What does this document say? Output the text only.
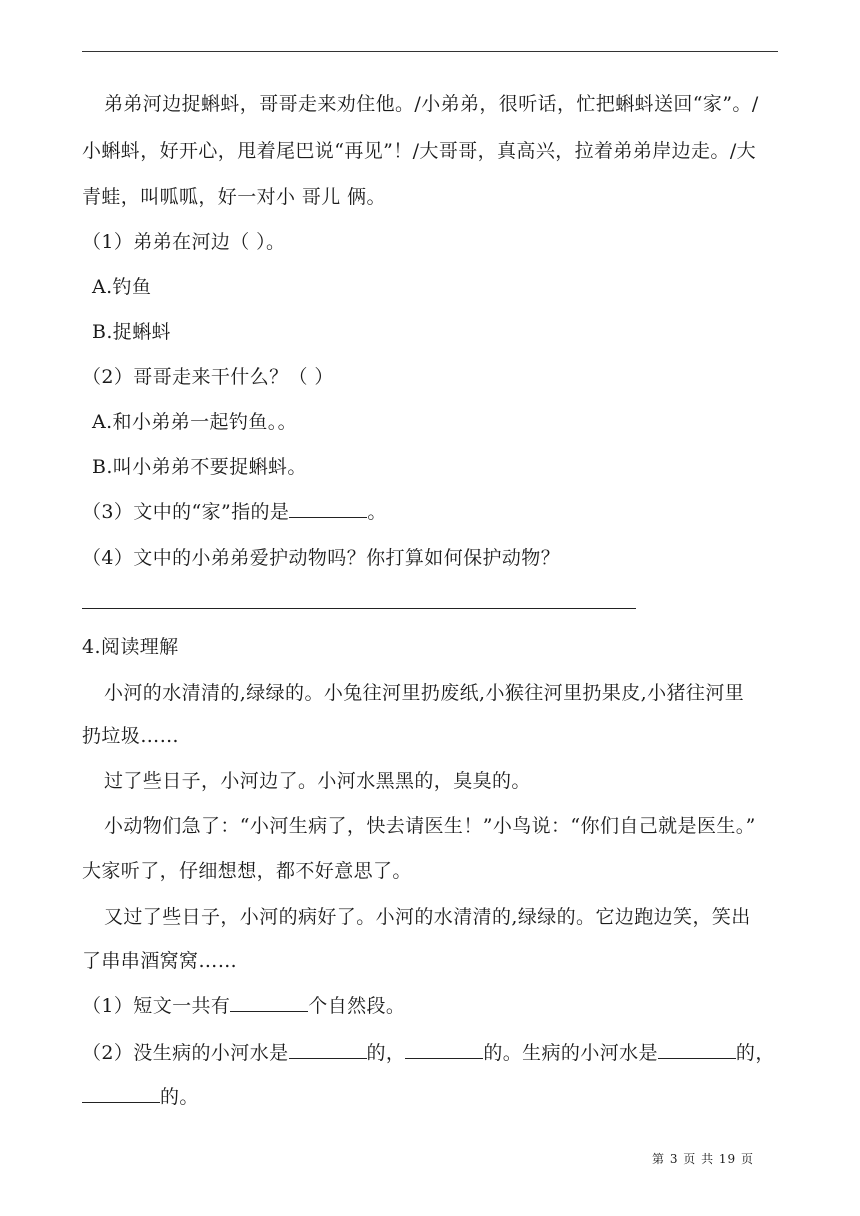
弟弟河边捉蝌蚪，哥哥走来劝住他。/小弟弟，很听话，忙把蝌蚪送回“家”。/
小蝌蚪，好开心，甩着尾巴说“再见”！/大哥哥，真高兴，拉着弟弟岸边走。/大
青蛙，叫呱呱，好一对小 哥儿 俩。
（1）弟弟在河边（ ）。
A.钓鱼
B.捉蝌蚪
（2）哥哥走来干什么？（ ）
A.和小弟弟一起钓鱼。。
B.叫小弟弟不要捉蝌蚪。
（3）文中的“家”指的是	。
（4）文中的小弟弟爱护动物吗？你打算如何保护动物？
4.阅读理解
小河的水清清的,绿绿的。小兔往河里扔废纸,小猴往河里扔果皮,小猪往河里
扔垃圾……
过了些日子，小河边了。小河水黑黑的，臭臭的。
小动物们急了：“小河生病了，快去请医生！”小鸟说：“你们自己就是医生。”
大家听了，仔细想想，都不好意思了。
又过了些日子，小河的病好了。小河的水清清的,绿绿的。它边跑边笑，笑出
了串串酒窝窝……
（1）短文一共有	个自然段。
（2）没生病的小河水是	的，	的。生病的小河水是	的，
的。
第 3 页 共 19 页
